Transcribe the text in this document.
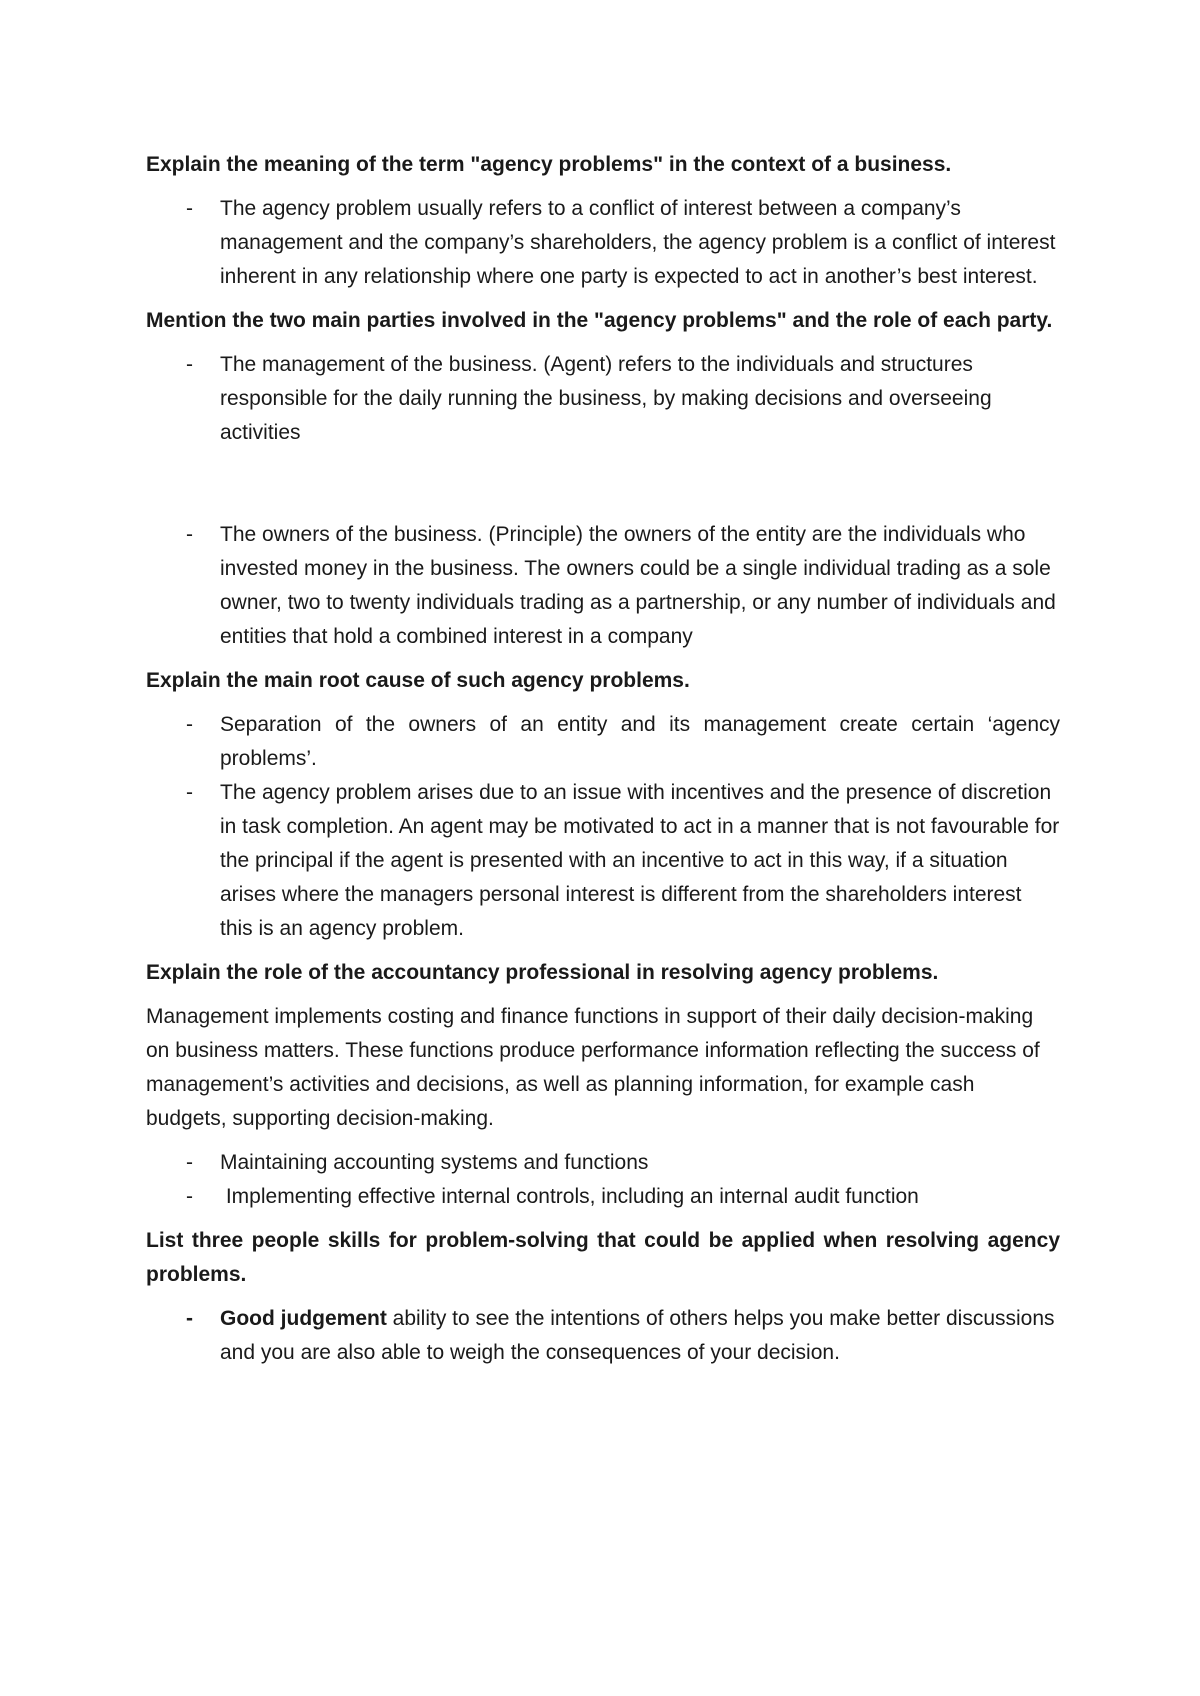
Explain the meaning of the term "agency problems" in the context of a business.

- The agency problem usually refers to a conflict of interest between a company’s management and the company’s shareholders, the agency problem is a conflict of interest inherent in any relationship where one party is expected to act in another’s best interest.

Mention the two main parties involved in the "agency problems" and the role of each party.

- The management of the business. (Agent) refers to the individuals and structures responsible for the daily running the business, by making decisions and overseeing activities
- The owners of the business. (Principle) the owners of the entity are the individuals who invested money in the business. The owners could be a single individual trading as a sole owner, two to twenty individuals trading as a partnership, or any number of individuals and entities that hold a combined interest in a company

Explain the main root cause of such agency problems.

- Separation of the owners of an entity and its management create certain ‘agency problems’.
- The agency problem arises due to an issue with incentives and the presence of discretion in task completion. An agent may be motivated to act in a manner that is not favourable for the principal if the agent is presented with an incentive to act in this way, if a situation arises where the managers personal interest is different from the shareholders interest this is an agency problem.

Explain the role of the accountancy professional in resolving agency problems.

Management implements costing and finance functions in support of their daily decision-making on business matters. These functions produce performance information reflecting the success of management’s activities and decisions, as well as planning information, for example cash budgets, supporting decision-making.

- Maintaining accounting systems and functions
- Implementing effective internal controls, including an internal audit function

List three people skills for problem-solving that could be applied when resolving agency problems.

- Good judgement ability to see the intentions of others helps you make better discussions and you are also able to weigh the consequences of your decision.
